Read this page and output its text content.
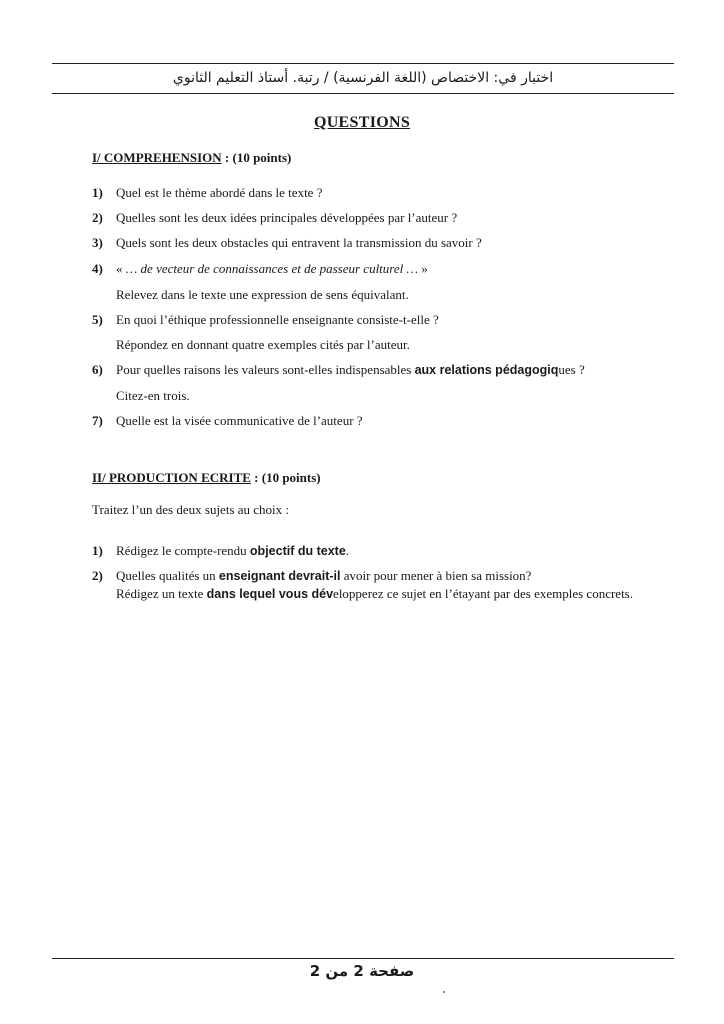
اختبار في: الاختصاص (اللغة الفرنسية) / رتبة. أستاذ التعليم الثانوي
QUESTIONS
I/ COMPREHENSION : (10 points)
1) Quel est le thème abordé dans le texte ?
2) Quelles sont les deux idées principales développées par l’auteur ?
3) Quels sont les deux obstacles qui entravent la transmission du savoir ?
4) « … de vecteur de connaissances et de passeur culturel … »
Relevez dans le texte une expression de sens équivalant.
5) En quoi l’éthique professionnelle enseignante consiste-t-elle ?
Répondez en donnant quatre exemples cités par l’auteur.
6) Pour quelles raisons les valeurs sont-elles indispensables aux relations pédagogiques ?
Citez-en trois.
7) Quelle est la visée communicative de l’auteur ?
II/ PRODUCTION ECRITE : (10 points)
Traitez l’un des deux sujets au choix :
1) Rédigez le compte-rendu objectif du texte.
2) Quelles qualités un enseignant devrait-il avoir pour mener à bien sa mission?
Rédigez un texte dans lequel vous développerez ce sujet en l’étayant par des exemples concrets.
صفحة 2 من 2
